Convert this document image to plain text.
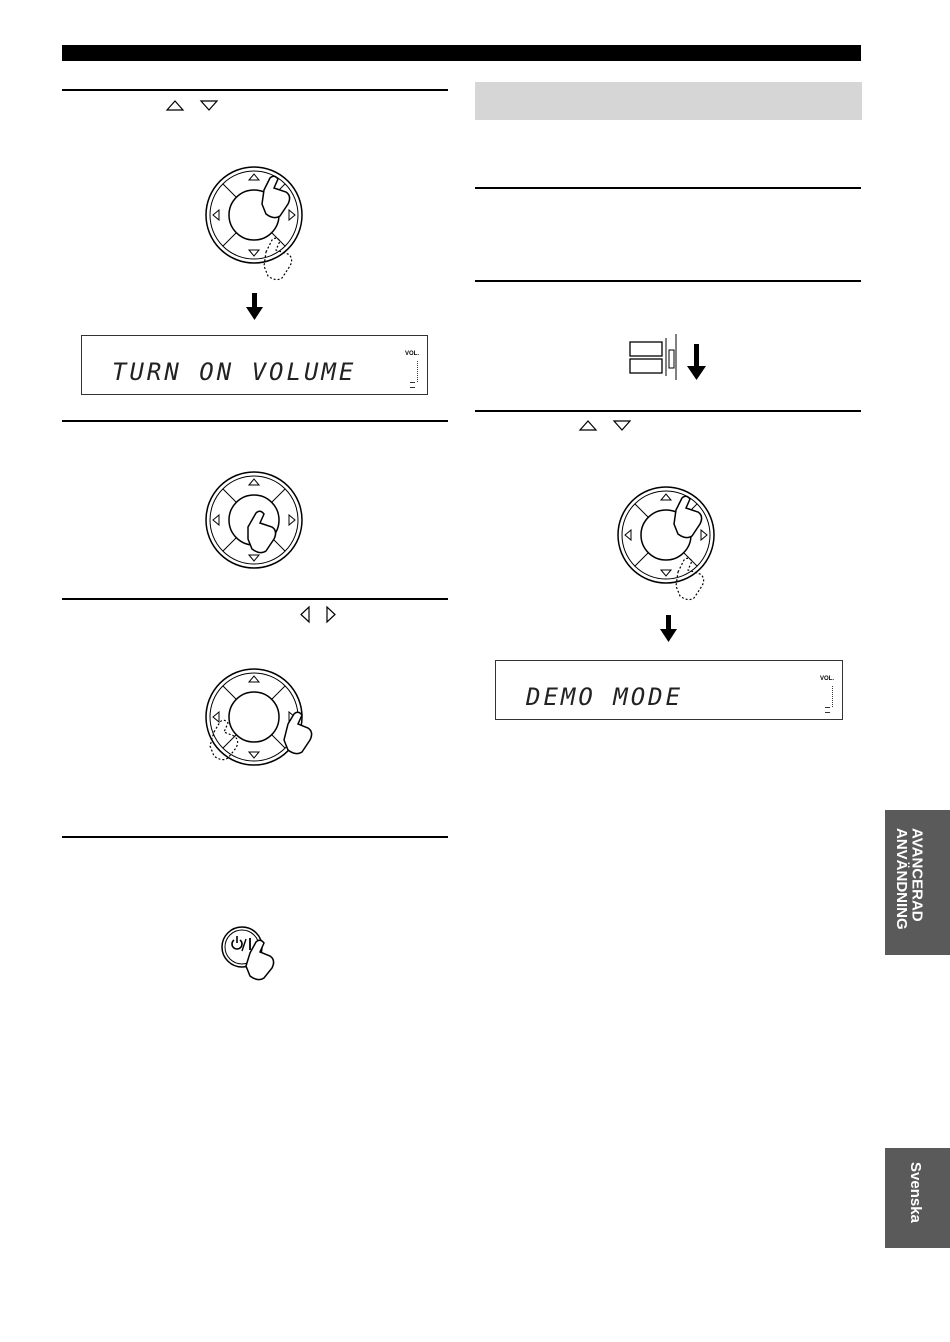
TURN ON VOLUME
VOL.
DEMO MODE
VOL.
AVANCERAD
ANVÄNDNING
Svenska
